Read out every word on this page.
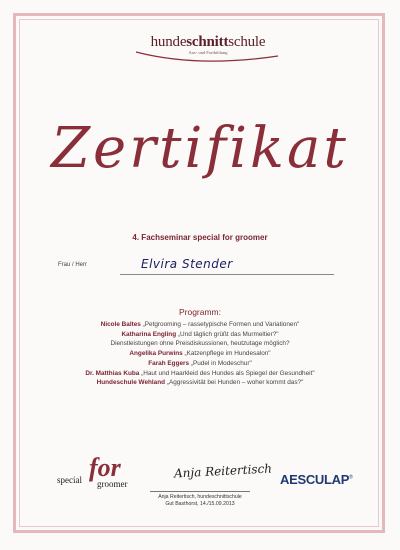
hundeschnittschule
Aus- und Fortbildung
Zertifikat
4. Fachseminar special for groomer
Frau / Herr	Elvira Stender
Programm:
Nicole Baltes „Petgrooming – rassetypische Formen und Variationen"
Katharina Engling „Und täglich grüßt das Murmeltier?"
Dienstleistungen ohne Preisdiskussionen, heutzutage möglich?
Angelika Purwins „Katzenpflege im Hundesalon"
Farah Eggers „Pudel in Modeschur"
Dr. Matthias Kuba „Haut und Haarkleid des Hundes als Spiegel der Gesundheit"
Hundeschule Wehland „Aggressivität bei Hunden – woher kommt das?"
special for
groomer
Anja Reitertisch
Anja Reitertisch, hundeschnittschule
Gut Basthorst, 14./15.09.2013
AESCULAP®
